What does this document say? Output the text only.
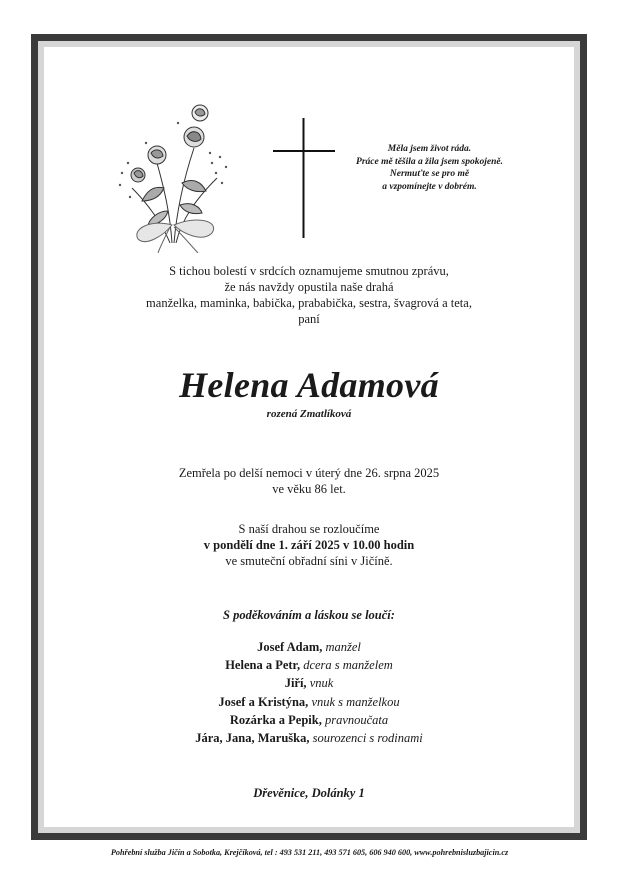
Měla jsem život ráda.
Práce mě těšila a žila jsem spokojeně.
Nermuťte se pro mě
a vzpomínejte v dobrém.
S tichou bolestí v srdcích oznamujeme smutnou zprávu,
že nás navždy opustila naše drahá
manželka, maminka, babička, prababička, sestra, švagrová a teta,
paní
Helena Adamová
rozená Zmatlíková
Zemřela po delší nemoci v úterý dne 26. srpna 2025
ve věku 86 let.
S naší drahou se rozloučíme
v pondělí dne 1. září 2025 v 10.00 hodin
ve smuteční obřadní síni v Jičíně.
S poděkováním a láskou se loučí:
Josef Adam, manžel
Helena a Petr, dcera s manželem
Jiří, vnuk
Josef a Kristýna, vnuk s manželkou
Rozárka a Pepik, pravnoučata
Jára, Jana, Maruška, sourozenci s rodinami
Dřevěnice, Dolánky 1
Pohřební služba Jičín a Sobotka, Krejčíková, tel : 493 531 211, 493 571 605, 606 940 600, www.pohrebnisluzbajicin.cz
